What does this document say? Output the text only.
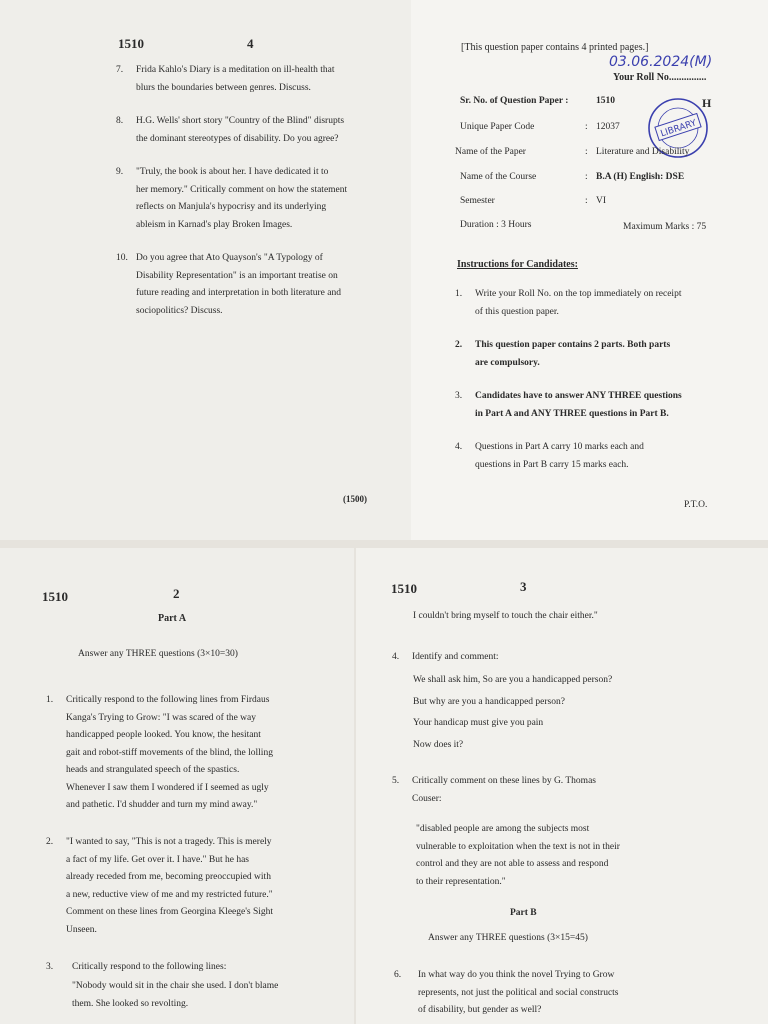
1510	4
7. Frida Kahlo's Diary is a meditation on ill-health that
blurs the boundaries between genres. Discuss.
8. H.G. Wells' short story "Country of the Blind" disrupts
the dominant stereotypes of disability. Do you agree?
9. "Truly, the book is about her. I have dedicated it to
her memory." Critically comment on how the statement
reflects on Manjula's hypocrisy and its underlying
ableism in Karnad's play Broken Images.
10. Do you agree that Ato Quayson's "A Typology of
Disability Representation" is an important treatise on
future reading and interpretation in both literature and
sociopolitics? Discuss.
(1500)
[This question paper contains 4 printed pages.]
03.06.2024(M)
Your Roll No...............
LIBRARY
Sr. No. of Question Paper :	1510	H
Unique Paper Code	: 12037
Name of the Paper	: Literature and Disability
Name of the Course	: B.A (H) English: DSE
Semester	: VI
Duration : 3 Hours	Maximum Marks : 75
Instructions for Candidates:
1. Write your Roll No. on the top immediately on receipt
of this question paper.
2. This question paper contains 2 parts. Both parts
are compulsory.
3. Candidates have to answer ANY THREE questions
in Part A and ANY THREE questions in Part B.
4. Questions in Part A carry 10 marks each and
questions in Part B carry 15 marks each.
P.T.O.
1510	2
Part A
Answer any THREE questions (3×10=30)
1. Critically respond to the following lines from Firdaus
Kanga's Trying to Grow: "I was scared of the way
handicapped people looked. You know, the hesitant
gait and robot-stiff movements of the blind, the lolling
heads and strangulated speech of the spastics.
Whenever I saw them I wondered if I seemed as ugly
and pathetic. I'd shudder and turn my mind away."
2. "I wanted to say, "This is not a tragedy. This is merely
a fact of my life. Get over it. I have." But he has
already receded from me, becoming preoccupied with
a new, reductive view of me and my restricted future."
Comment on these lines from Georgina Kleege's Sight
Unseen.
3. Critically respond to the following lines:
"Nobody would sit in the chair she used. I don't blame
them. She looked so revolting.
1510	3
I couldn't bring myself to touch the chair either."
4. Identify and comment:
We shall ask him, So are you a handicapped person?
But why are you a handicapped person?
Your handicap must give you pain
Now does it?
5. Critically comment on these lines by G. Thomas
Couser:
"disabled people are among the subjects most
vulnerable to exploitation when the text is not in their
control and they are not able to assess and respond
to their representation."
Part B
Answer any THREE questions (3×15=45)
6. In what way do you think the novel Trying to Grow
represents, not just the political and social constructs
of disability, but gender as well?
